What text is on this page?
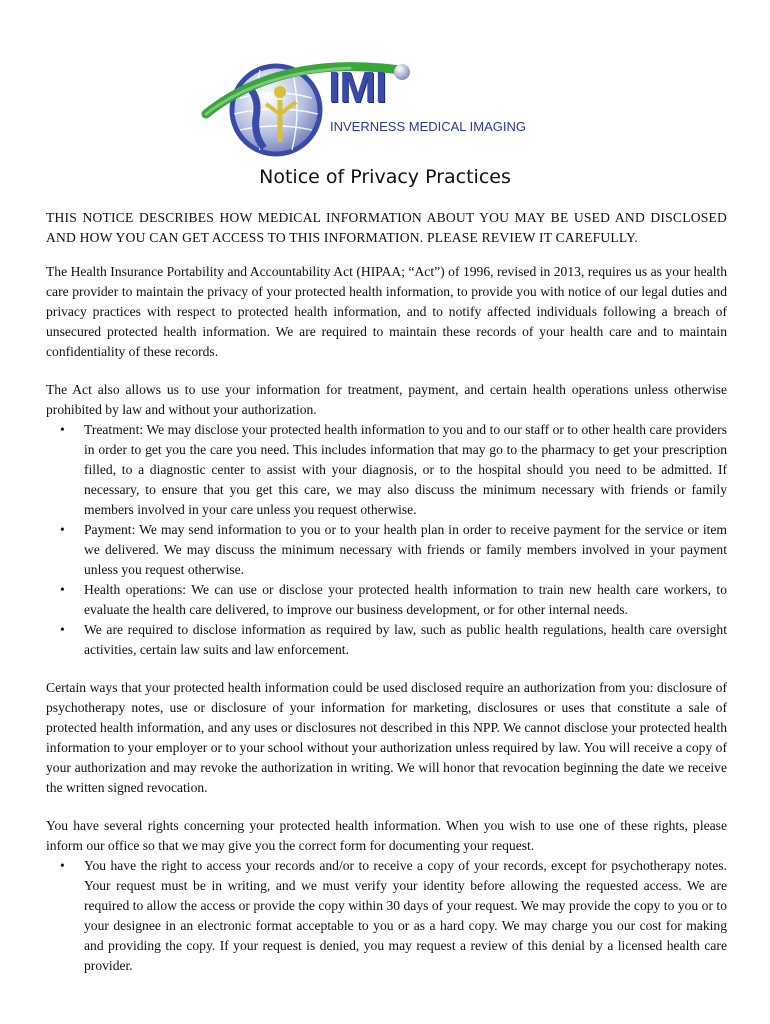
IMI
INVERNESS MEDICAL IMAGING
Notice of Privacy Practices

THIS NOTICE DESCRIBES HOW MEDICAL INFORMATION ABOUT YOU MAY BE USED AND DISCLOSED AND HOW YOU CAN GET ACCESS TO THIS INFORMATION. PLEASE REVIEW IT CAREFULLY.

The Health Insurance Portability and Accountability Act (HIPAA; “Act”) of 1996, revised in 2013, requires us as your health care provider to maintain the privacy of your protected health information, to provide you with notice of our legal duties and privacy practices with respect to protected health information, and to notify affected individuals following a breach of unsecured protected health information. We are required to maintain these records of your health care and to maintain confidentiality of these records.

The Act also allows us to use your information for treatment, payment, and certain health operations unless otherwise prohibited by law and without your authorization.

• Treatment: We may disclose your protected health information to you and to our staff or to other health care providers in order to get you the care you need. This includes information that may go to the pharmacy to get your prescription filled, to a diagnostic center to assist with your diagnosis, or to the hospital should you need to be admitted. If necessary, to ensure that you get this care, we may also discuss the minimum necessary with friends or family members involved in your care unless you request otherwise.
• Payment: We may send information to you or to your health plan in order to receive payment for the service or item we delivered. We may discuss the minimum necessary with friends or family members involved in your payment unless you request otherwise.
• Health operations: We can use or disclose your protected health information to train new health care workers, to evaluate the health care delivered, to improve our business development, or for other internal needs.
• We are required to disclose information as required by law, such as public health regulations, health care oversight activities, certain law suits and law enforcement.

Certain ways that your protected health information could be used disclosed require an authorization from you: disclosure of psychotherapy notes, use or disclosure of your information for marketing, disclosures or uses that constitute a sale of protected health information, and any uses or disclosures not described in this NPP. We cannot disclose your protected health information to your employer or to your school without your authorization unless required by law. You will receive a copy of your authorization and may revoke the authorization in writing. We will honor that revocation beginning the date we receive the written signed revocation.

You have several rights concerning your protected health information. When you wish to use one of these rights, please inform our office so that we may give you the correct form for documenting your request.

• You have the right to access your records and/or to receive a copy of your records, except for psychotherapy notes. Your request must be in writing, and we must verify your identity before allowing the requested access. We are required to allow the access or provide the copy within 30 days of your request. We may provide the copy to you or to your designee in an electronic format acceptable to you or as a hard copy. We may charge you our cost for making and providing the copy. If your request is denied, you may request a review of this denial by a licensed health care provider.
